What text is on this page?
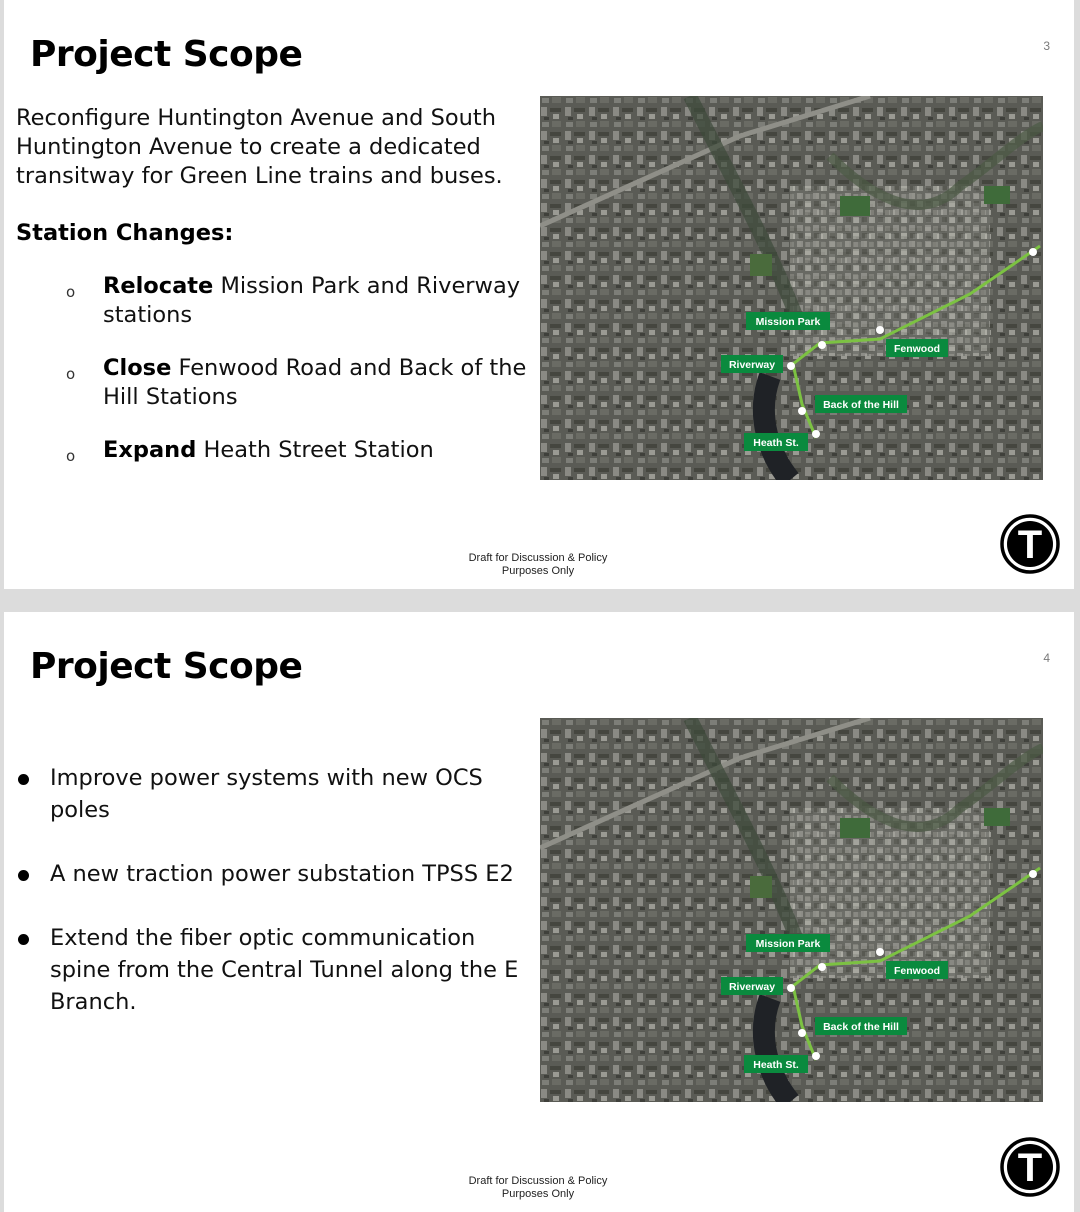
Project Scope	3
Reconfigure Huntington Avenue and South Huntington Avenue to create a dedicated transitway for Green Line trains and buses.
Station Changes:
o Relocate Mission Park and Riverway stations
o Close Fenwood Road and Back of the Hill Stations
o Expand Heath Street Station
Mission Park
Fenwood
Riverway
Back of the Hill
Heath St.
Draft for Discussion & Policy
Purposes Only
T
Project Scope	4
Improve power systems with new OCS poles
A new traction power substation TPSS E2
Extend the fiber optic communication spine from the Central Tunnel along the E Branch.
Mission Park
Fenwood
Riverway
Back of the Hill
Heath St.
Draft for Discussion & Policy
Purposes Only
T
